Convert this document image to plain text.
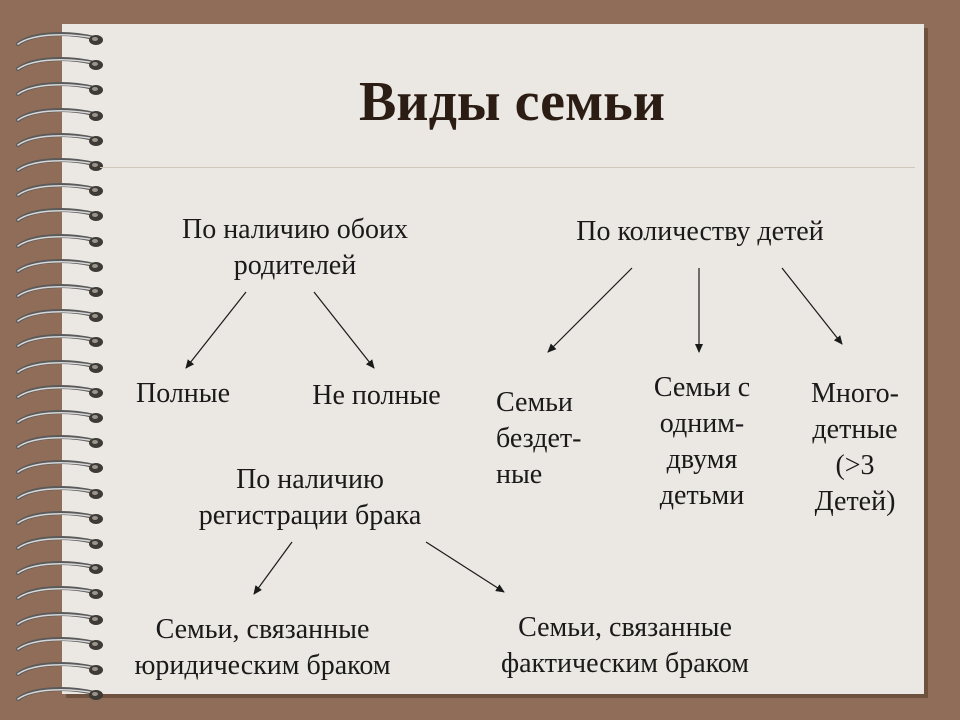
Виды семьи
По наличию обоих
родителей
Полные	Не полные
По количеству детей
Семьи
бездет-
ные
Семьи с
одним-
двумя
детьми
Много-
детные
(>3
Детей)
По наличию
регистрации брака
Семьи, связанные
юридическим браком
Семьи, связанные
фактическим браком
